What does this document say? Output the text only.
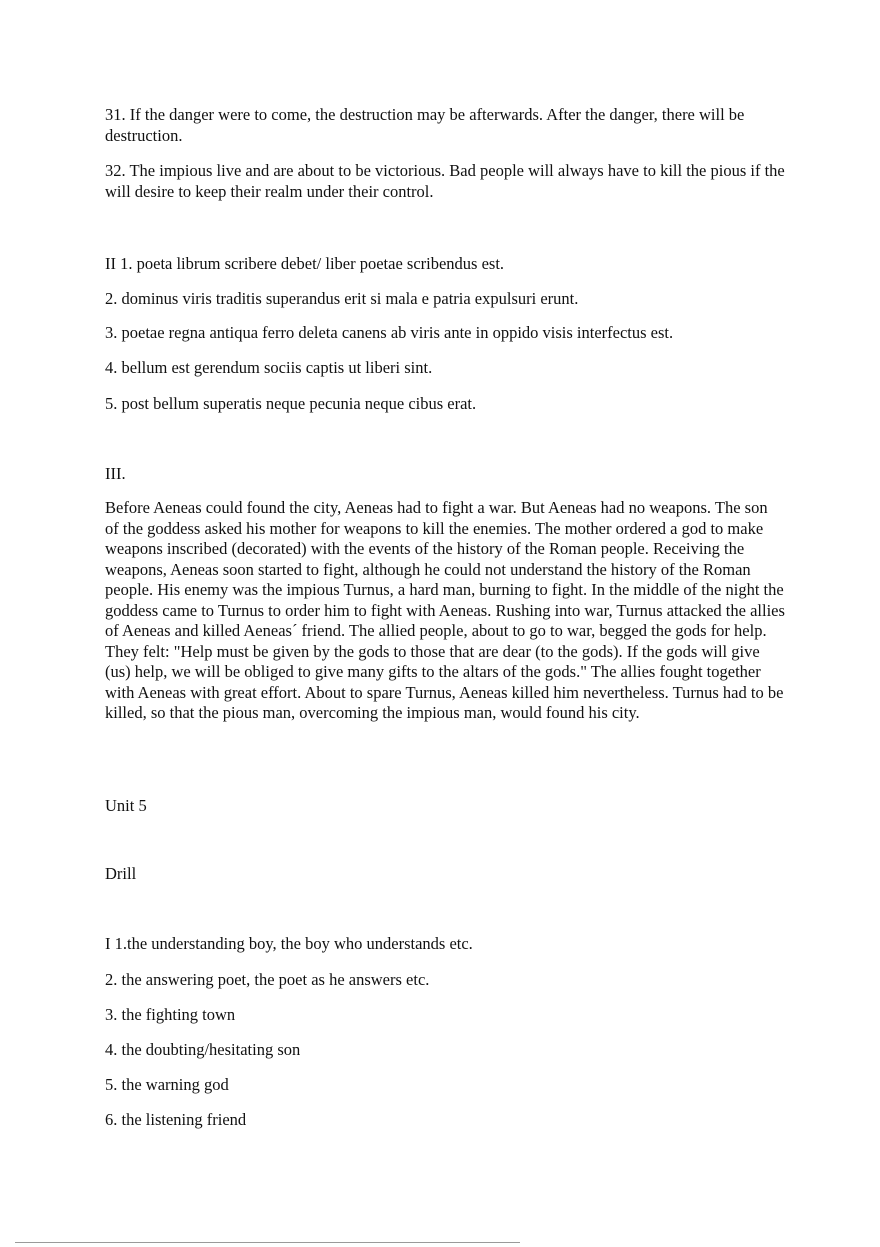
31. If the danger were to come, the destruction may be afterwards. After the danger, there will be destruction.

32. The impious live and are about to be victorious. Bad people will always have to kill the pious if the will desire to keep their realm under their control.

II 1. poeta librum scribere debet/ liber poetae scribendus est.

2. dominus viris traditis superandus erit si mala e patria expulsuri erunt.

3. poetae regna antiqua ferro deleta canens ab viris ante in oppido visis interfectus est.

4. bellum est gerendum sociis captis ut liberi sint.

5. post bellum superatis neque pecunia neque cibus erat.

III.

Before Aeneas could found the city, Aeneas had to fight a war. But Aeneas had no weapons. The son of the goddess asked his mother for weapons to kill the enemies. The mother ordered a god to make weapons inscribed (decorated) with the events of the history of the Roman people. Receiving the weapons, Aeneas soon started to fight, although he could not understand the history of the Roman people. His enemy was the impious Turnus, a hard man, burning to fight. In the middle of the night the goddess came to Turnus to order him to fight with Aeneas. Rushing into war, Turnus attacked the allies of Aeneas and killed Aeneas´ friend. The allied people, about to go to war, begged the gods for help. They felt: "Help must be given by the gods to those that are dear (to the gods). If the gods will give (us) help, we will be obliged to give many gifts to the altars of the gods." The allies fought together with Aeneas with great effort. About to spare Turnus, Aeneas killed him nevertheless. Turnus had to be killed, so that the pious man, overcoming the impious man, would found his city.

Unit 5

Drill

I 1.the understanding boy, the boy who understands etc.

2. the answering poet, the poet as he answers etc.

3. the fighting town

4. the doubting/hesitating son

5. the warning god

6. the listening friend
